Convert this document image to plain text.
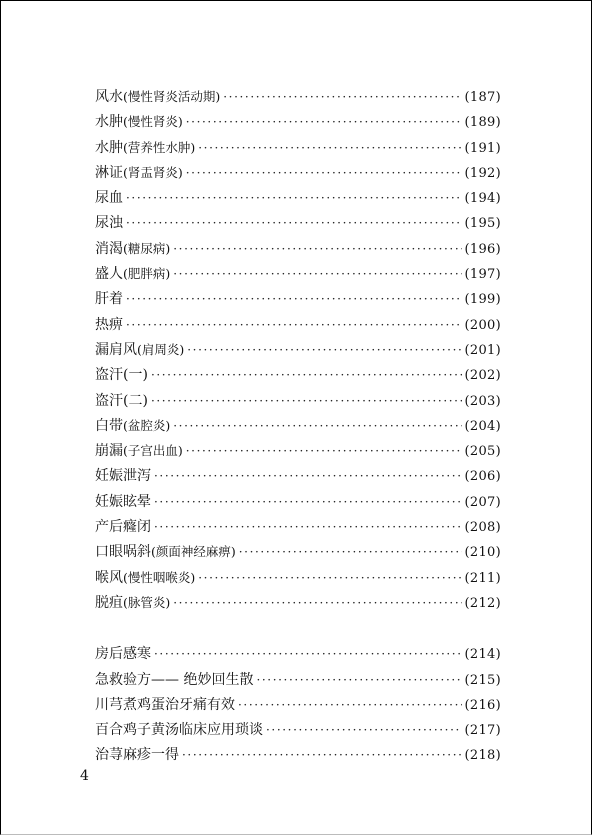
风水(慢性肾炎活动期) ·····	(187)
水肿(慢性肾炎) ·····	(189)
水肿(营养性水肿) ·····	(191)
淋证(肾盂肾炎) ·····	(192)
尿血 ·····	(194)
尿浊 ·····	(195)
消渴(糖尿病) ·····	(196)
盛人(肥胖病) ·····	(197)
肝着 ·····	(199)
热痹 ·····	(200)
漏肩风(肩周炎) ·····	(201)
盗汗(一) ·····	(202)
盗汗(二) ·····	(203)
白带(盆腔炎) ·····	(204)
崩漏(子宫出血) ·····	(205)
妊娠泄泻 ·····	(206)
妊娠眩晕 ·····	(207)
产后癃闭 ·····	(208)
口眼㖞斜(颜面神经麻痹) ·····	(210)
喉风(慢性咽喉炎) ·····	(211)
脱疽(脉管炎) ·····	(212)
房后感寒 ·····	(214)
急救验方—— 绝妙回生散 ·····	(215)
川芎煮鸡蛋治牙痛有效 ·····	(216)
百合鸡子黄汤临床应用琐谈 ·····	(217)
治荨麻疹一得 ·····	(218)
4
